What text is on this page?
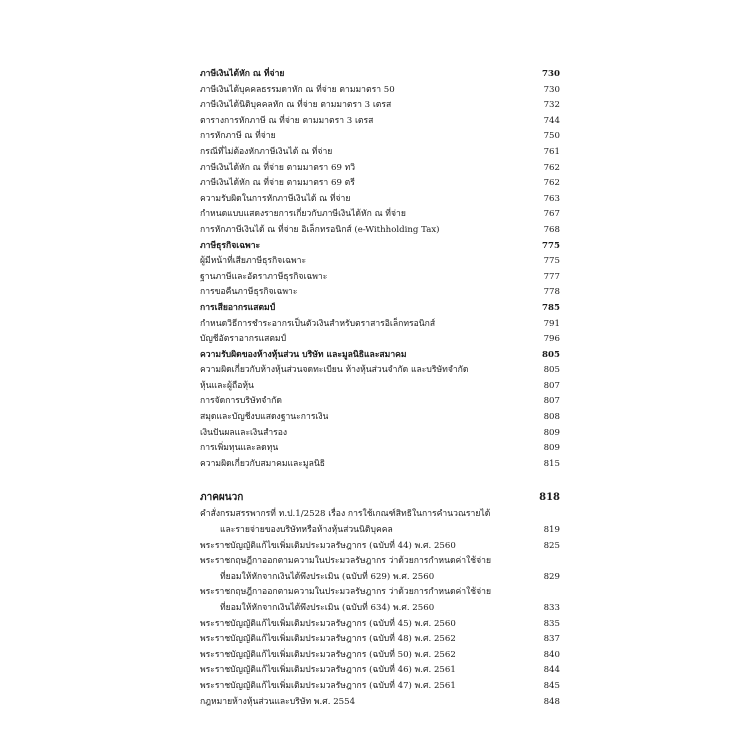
ภาษีเงินได้หัก ณ ที่จ่าย	730
ภาษีเงินได้บุคคลธรรมดาหัก ณ ที่จ่าย ตามมาตรา 50	730
ภาษีเงินได้นิติบุคคลหัก ณ ที่จ่าย ตามมาตรา 3 เตรส	732
ตารางการหักภาษี ณ ที่จ่าย ตามมาตรา 3 เตรส	744
การหักภาษี ณ ที่จ่าย	750
กรณีที่ไม่ต้องหักภาษีเงินได้ ณ ที่จ่าย	761
ภาษีเงินได้หัก ณ ที่จ่าย ตามมาตรา 69 ทวิ	762
ภาษีเงินได้หัก ณ ที่จ่าย ตามมาตรา 69 ตรี	762
ความรับผิดในการหักภาษีเงินได้ ณ ที่จ่าย	763
กำหนดแบบแสดงรายการเกี่ยวกับภาษีเงินได้หัก ณ ที่จ่าย	767
การหักภาษีเงินได้ ณ ที่จ่าย อิเล็กทรอนิกส์ (e-Withholding Tax)	768
ภาษีธุรกิจเฉพาะ	775
ผู้มีหน้าที่เสียภาษีธุรกิจเฉพาะ	775
ฐานภาษีและอัตราภาษีธุรกิจเฉพาะ	777
การขอคืนภาษีธุรกิจเฉพาะ	778
การเสียอากรแสตมป์	785
กำหนดวิธีการชำระอากรเป็นตัวเงินสำหรับตราสารอิเล็กทรอนิกส์	791
บัญชีอัตราอากรแสตมป์	796
ความรับผิดของห้างหุ้นส่วน บริษัท และมูลนิธิและสมาคม	805
ความผิดเกี่ยวกับห้างหุ้นส่วนจดทะเบียน ห้างหุ้นส่วนจำกัด และบริษัทจำกัด	805
หุ้นและผู้ถือหุ้น	807
การจัดการบริษัทจำกัด	807
สมุดและบัญชีงบแสดงฐานะการเงิน	808
เงินปันผลและเงินสำรอง	809
การเพิ่มทุนและลดทุน	809
ความผิดเกี่ยวกับสมาคมและมูลนิธิ	815
ภาคผนวก	818
คำสั่งกรมสรรพากรที่ ท.ป.1/2528 เรื่อง การใช้เกณฑ์สิทธิในการคำนวณรายได้
และรายจ่ายของบริษัทหรือห้างหุ้นส่วนนิติบุคคล	819
พระราชบัญญัติแก้ไขเพิ่มเติมประมวลรัษฎากร (ฉบับที่ 44) พ.ศ. 2560	825
พระราชกฤษฎีกาออกตามความในประมวลรัษฎากร ว่าด้วยการกำหนดค่าใช้จ่าย
ที่ยอมให้หักจากเงินได้พึงประเมิน (ฉบับที่ 629) พ.ศ. 2560	829
พระราชกฤษฎีกาออกตามความในประมวลรัษฎากร ว่าด้วยการกำหนดค่าใช้จ่าย
ที่ยอมให้หักจากเงินได้พึงประเมิน (ฉบับที่ 634) พ.ศ. 2560	833
พระราชบัญญัติแก้ไขเพิ่มเติมประมวลรัษฎากร (ฉบับที่ 45) พ.ศ. 2560	835
พระราชบัญญัติแก้ไขเพิ่มเติมประมวลรัษฎากร (ฉบับที่ 48) พ.ศ. 2562	837
พระราชบัญญัติแก้ไขเพิ่มเติมประมวลรัษฎากร (ฉบับที่ 50) พ.ศ. 2562	840
พระราชบัญญัติแก้ไขเพิ่มเติมประมวลรัษฎากร (ฉบับที่ 46) พ.ศ. 2561	844
พระราชบัญญัติแก้ไขเพิ่มเติมประมวลรัษฎากร (ฉบับที่ 47) พ.ศ. 2561	845
กฎหมายห้างหุ้นส่วนและบริษัท พ.ศ. 2554	848
